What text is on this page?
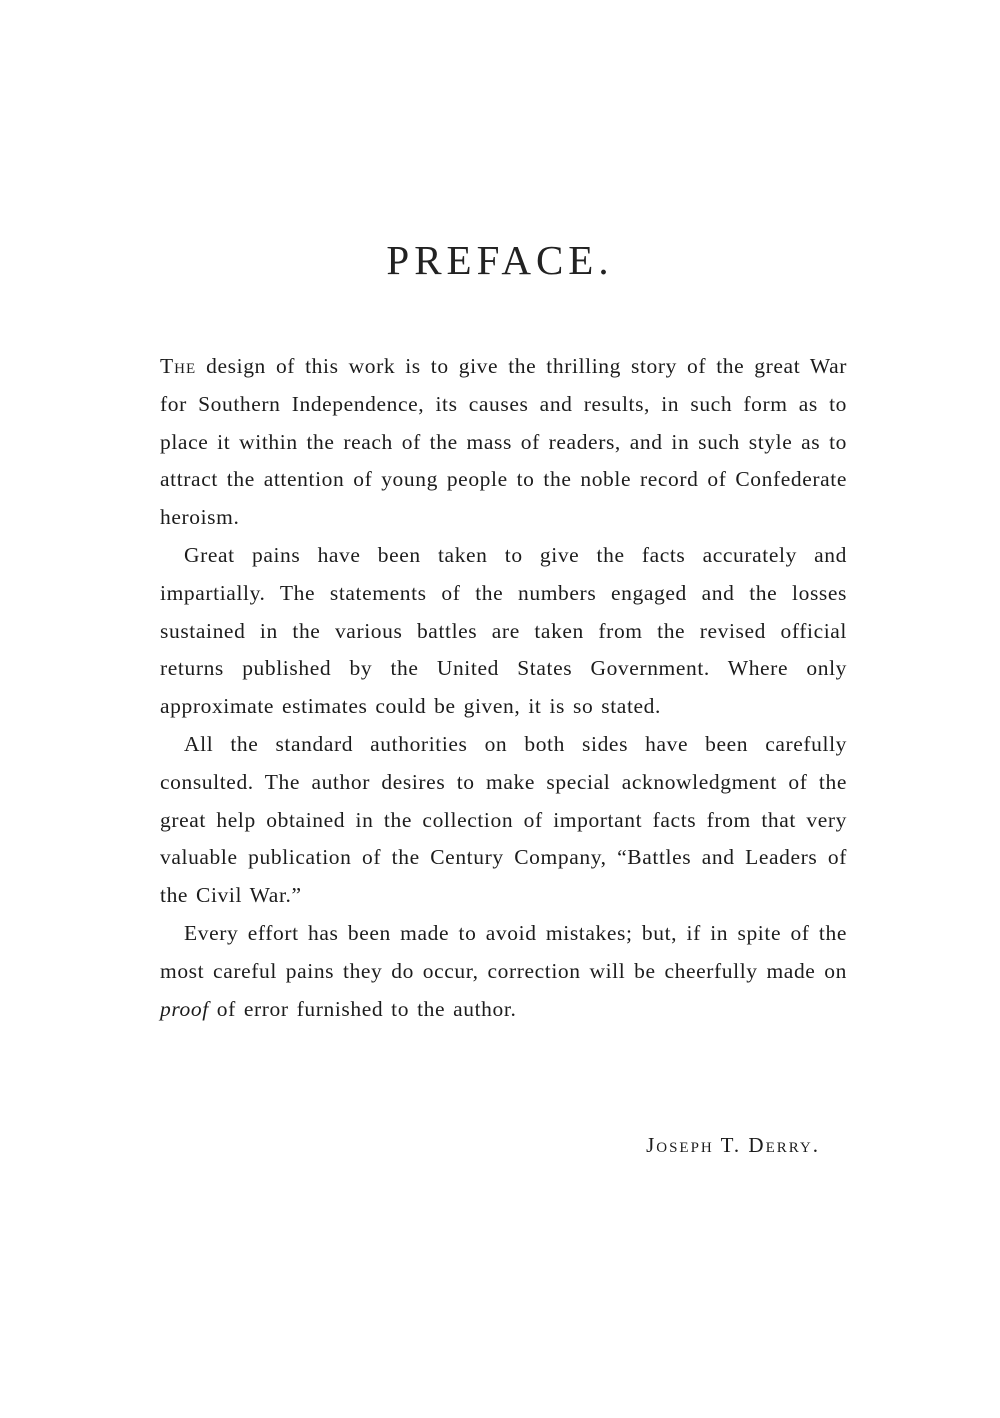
PREFACE.

The design of this work is to give the thrilling story of the great War for Southern Independence, its causes and results, in such form as to place it within the reach of the mass of readers, and in such style as to attract the attention of young people to the noble record of Confederate heroism.

Great pains have been taken to give the facts accurately and impartially. The statements of the numbers engaged and the losses sustained in the various battles are taken from the revised official returns published by the United States Government. Where only approximate estimates could be given, it is so stated.

All the standard authorities on both sides have been carefully consulted. The author desires to make special acknowledgment of the great help obtained in the collection of important facts from that very valuable publication of the Century Company, “Battles and Leaders of the Civil War.”

Every effort has been made to avoid mistakes; but, if in spite of the most careful pains they do occur, correction will be cheerfully made on proof of error furnished to the author.

Joseph T. Derry.
